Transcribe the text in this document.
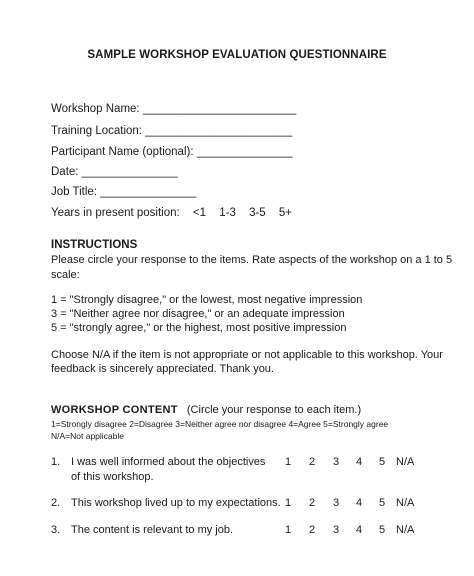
SAMPLE WORKSHOP EVALUATION QUESTIONNAIRE
Workshop Name: ________________________
Training Location: _______________________
Participant Name (optional): _______________
Date: _______________
Job Title: _______________
Years in present position: <1 1-3 3-5 5+
INSTRUCTIONS
Please circle your response to the items. Rate aspects of the workshop on a 1 to 5
scale:
1 = "Strongly disagree," or the lowest, most negative impression
3 = "Neither agree nor disagree," or an adequate impression
5 = "strongly agree," or the highest, most positive impression
Choose N/A if the item is not appropriate or not applicable to this workshop. Your
feedback is sincerely appreciated. Thank you.
WORKSHOP CONTENT (Circle your response to each item.)
1=Strongly disagree 2=Disagree 3=Neither agree nor disagree 4=Agree 5=Strongly agree
N/A=Not applicable
1. I was well informed about the objectives
of this workshop.
1 2 3 4 5 N/A
2. This workshop lived up to my expectations. 1 2 3 4 5 N/A
3. The content is relevant to my job.	1 2 3 4 5 N/A
